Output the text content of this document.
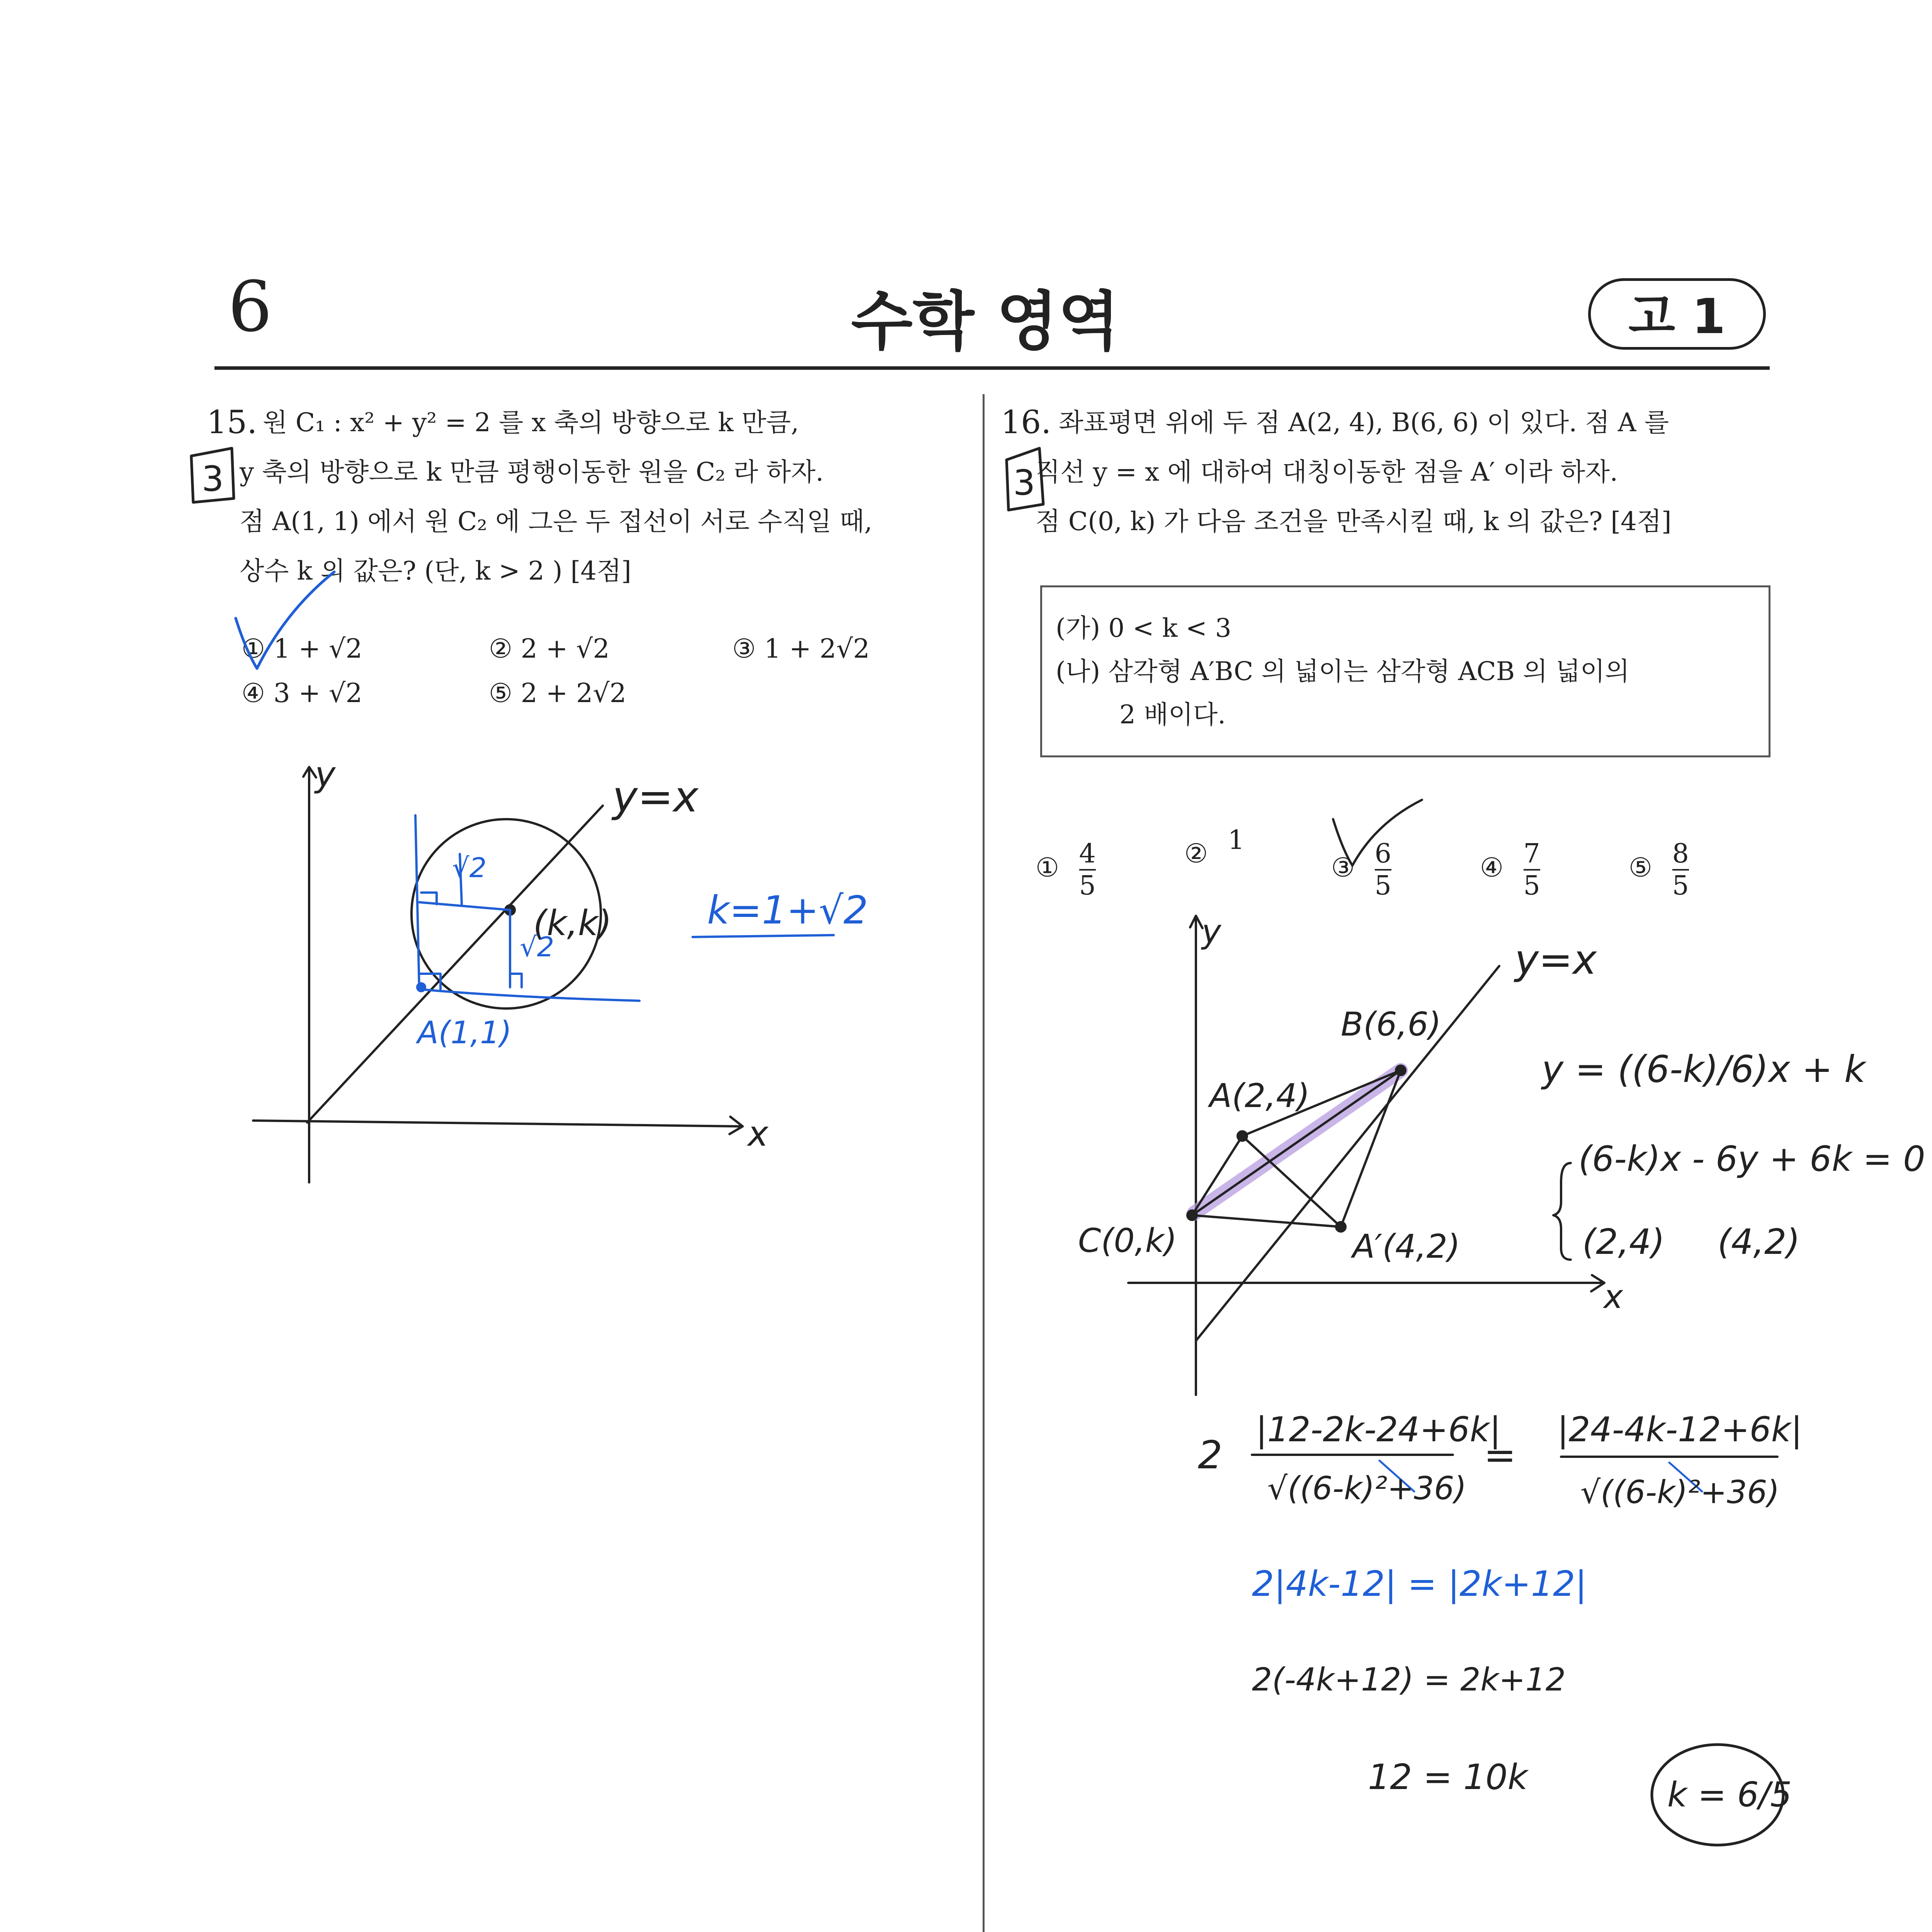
6	수학 영역	고 1
15. 원 C₁ : x² + y² = 2 를 x 축의 방향으로 k 만큼,
y 축의 방향으로 k 만큼 평행이동한 원을 C₂ 라 하자.
점 A(1, 1) 에서 원 C₂ 에 그은 두 접선이 서로 수직일 때,
상수 k 의 값은? (단, k > 2 ) [4점]
① 1 + √2	② 2 + √2	③ 1 + 2√2
④ 3 + √2	⑤ 2 + 2√2
16. 좌표평면 위에 두 점 A(2, 4), B(6, 6) 이 있다. 점 A 를
직선 y = x 에 대하여 대칭이동한 점을 A′ 이라 하자.
점 C(0, k) 가 다음 조건을 만족시킬 때, k 의 값은? [4점]
(가) 0 < k < 3
(나) 삼각형 A′BC 의 넓이는 삼각형 ACB 의 넓이의
2 배이다.
① $\frac{4}{5}$	② 1
③ $\frac{6}{5}$	④ $\frac{7}{5}$	⑤ $\frac{8}{5}$
3	3
y
x
y=x
(k,k)
A(1,1)
√2
√2
k=1+√2	y
x
y=x
B(6,6)
A(2,4)
C(0,k)	A′(4,2)
y = ((6-k)/6)x + k
(6-k)x - 6y + 6k = 0
(2,4) (4,2)
2
|12-2k-24+6k|
√((6-k)²+36)
=
|24-4k-12+6k|
√((6-k)²+36)
2(-4k+12) = 2k+12
12 = 10k	k = 6/5
2|4k-12| = |2k+12|
